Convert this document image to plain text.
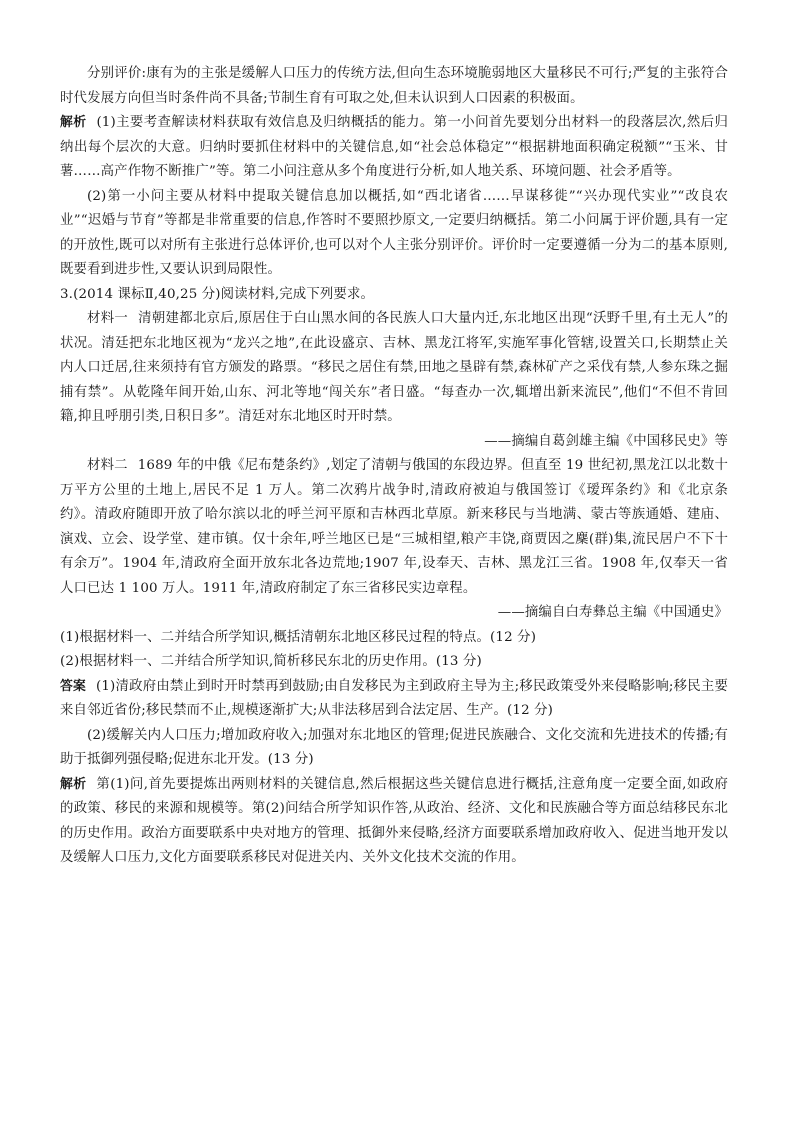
分别评价:康有为的主张是缓解人口压力的传统方法,但向生态环境脆弱地区大量移民不可行;严复的主张符合时代发展方向但当时条件尚不具备;节制生育有可取之处,但未认识到人口因素的积极面。

解析 (1)主要考查解读材料获取有效信息及归纳概括的能力。第一小问首先要划分出材料一的段落层次,然后归纳出每个层次的大意。归纳时要抓住材料中的关键信息,如“社会总体稳定”“根据耕地面积确定税额”“玉米、甘薯……高产作物不断推广”等。第二小问注意从多个角度进行分析,如人地关系、环境问题、社会矛盾等。

(2)第一小问主要从材料中提取关键信息加以概括,如“西北诸省……早谋移徙”“兴办现代实业”“改良农业”“迟婚与节育”等都是非常重要的信息,作答时不要照抄原文,一定要归纳概括。第二小问属于评价题,具有一定的开放性,既可以对所有主张进行总体评价,也可以对个人主张分别评价。评价时一定要遵循一分为二的基本原则,既要看到进步性,又要认识到局限性。

3.(2014 课标Ⅱ,40,25 分)阅读材料,完成下列要求。

材料一 清朝建都北京后,原居住于白山黑水间的各民族人口大量内迁,东北地区出现“沃野千里,有土无人”的状况。清廷把东北地区视为“龙兴之地”,在此设盛京、吉林、黑龙江将军,实施军事化管辖,设置关口,长期禁止关内人口迁居,往来须持有官方颁发的路票。“移民之居住有禁,田地之垦辟有禁,森林矿产之采伐有禁,人参东珠之掘捕有禁”。从乾隆年间开始,山东、河北等地“闯关东”者日盛。“每查办一次,辄增出新来流民”,他们“不但不肯回籍,抑且呼朋引类,日积日多”。清廷对东北地区时开时禁。

——摘编自葛剑雄主编《中国移民史》等

材料二 1689 年的中俄《尼布楚条约》,划定了清朝与俄国的东段边界。但直至 19 世纪初,黑龙江以北数十万平方公里的土地上,居民不足 1 万人。第二次鸦片战争时,清政府被迫与俄国签订《瑷珲条约》和《北京条约》。清政府随即开放了哈尔滨以北的呼兰河平原和吉林西北草原。新来移民与当地满、蒙古等族通婚、建庙、演戏、立会、设学堂、建市镇。仅十余年,呼兰地区已是“三城相望,粮产丰饶,商贾因之麇(群)集,流民居户不下十有余万”。1904 年,清政府全面开放东北各边荒地;1907 年,设奉天、吉林、黑龙江三省。1908 年,仅奉天一省人口已达 1 100 万人。1911 年,清政府制定了东三省移民实边章程。

——摘编自白寿彝总主编《中国通史》

(1)根据材料一、二并结合所学知识,概括清朝东北地区移民过程的特点。(12 分)

(2)根据材料一、二并结合所学知识,简析移民东北的历史作用。(13 分)

答案 (1)清政府由禁止到时开时禁再到鼓励;由自发移民为主到政府主导为主;移民政策受外来侵略影响;移民主要来自邻近省份;移民禁而不止,规模逐渐扩大;从非法移居到合法定居、生产。(12 分)

(2)缓解关内人口压力;增加政府收入;加强对东北地区的管理;促进民族融合、文化交流和先进技术的传播;有助于抵御列强侵略;促进东北开发。(13 分)

解析 第(1)问,首先要提炼出两则材料的关键信息,然后根据这些关键信息进行概括,注意角度一定要全面,如政府的政策、移民的来源和规模等。第(2)问结合所学知识作答,从政治、经济、文化和民族融合等方面总结移民东北的历史作用。政治方面要联系中央对地方的管理、抵御外来侵略,经济方面要联系增加政府收入、促进当地开发以及缓解人口压力,文化方面要联系移民对促进关内、关外文化技术交流的作用。
